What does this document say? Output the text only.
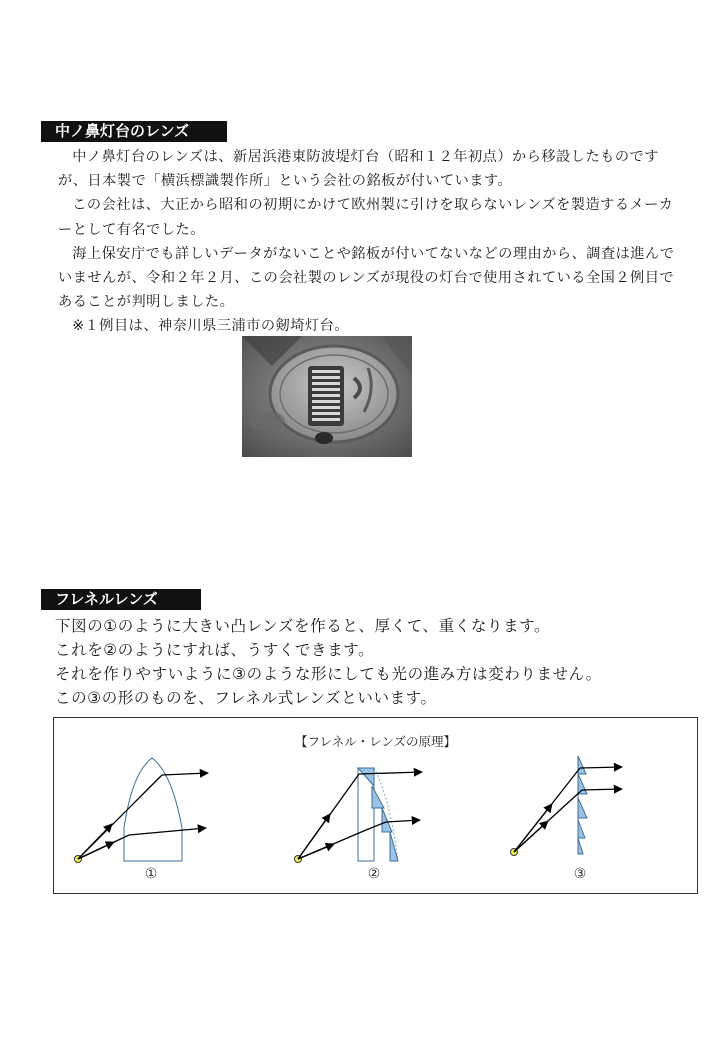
中ノ鼻灯台のレンズ

中ノ鼻灯台のレンズは、新居浜港東防波堤灯台（昭和１２年初点）から移設したものですが、日本製で「横浜標識製作所」という会社の銘板が付いています。

この会社は、大正から昭和の初期にかけて欧州製に引けを取らないレンズを製造するメーカーとして有名でした。

海上保安庁でも詳しいデータがないことや銘板が付いてないなどの理由から、調査は進んでいませんが、令和２年２月、この会社製のレンズが現役の灯台で使用されている全国２例目であることが判明しました。

※１例目は、神奈川県三浦市の剱埼灯台。

フレネルレンズ

下図の①のように大きい凸レンズを作ると、厚くて、重くなります。

これを②のようにすれば、うすくできます。

それを作りやすいように③のような形にしても光の進み方は変わりません。

この③の形のものを、フレネル式レンズといいます。

【フレネル・レンズの原理】
①	②	③
